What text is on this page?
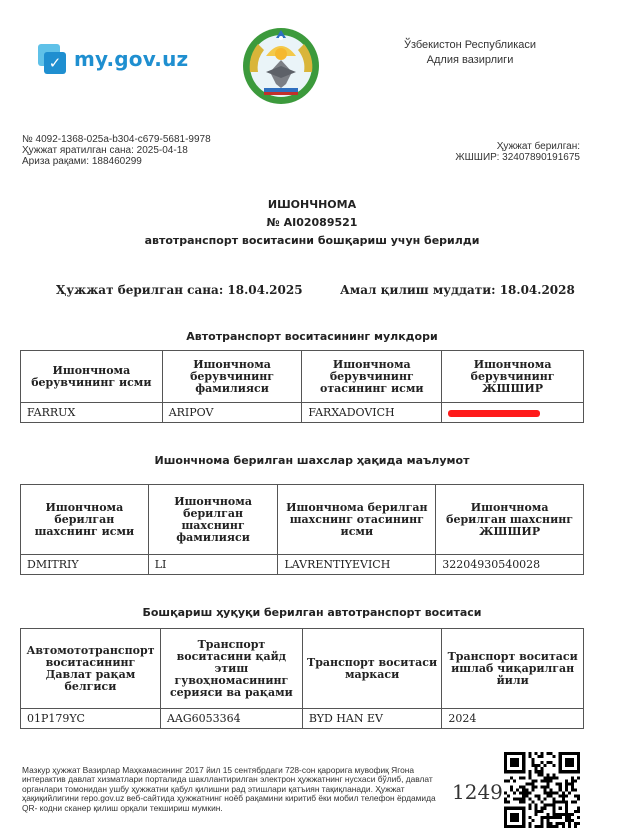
✓ my.gov.uz
Ўзбекистон Республикаси
Адлия вазирлиги
№ 4092-1368-025a-b304-c679-5681-9978
Ҳужжат яратилган сана: 2025-04-18
Ариза рақами: 188460299
Ҳужжат берилган:
ЖШШИР: 32407890191675
ИШОНЧНОМА
№ AI02089521
автотранспорт воситасини бошқариш учун берилди
Ҳужжат берилган сана: 18.04.2025	Амал қилиш муддати: 18.04.2028
Автотранспорт воситасининг мулкдори
Ишончнома берувчининг исми	Ишончнома берувчининг фамилияси	Ишончнома берувчининг отасининг исми	Ишончнома берувчининг ЖШШИР
FARRUX	ARIPOV	FARXADOVICH	
Ишончнома берилган шахслар ҳақида маълумот
Ишончнома берилган шахснинг исми	Ишончнома берилган шахснинг фамилияси	Ишончнома берилган шахснинг отасининг исми	Ишончнома берилган шахснинг ЖШШИР
DMITRIY	LI	LAVRENTIYEVICH	32204930540028
Бошқариш ҳуқуқи берилган автотранспорт воситаси
Автомототранспорт воситасининг Давлат рақам белгиси	Транспорт воситасини қайд этиш гувоҳномасининг серияси ва рақами	Транспорт воситаси маркаси	Транспорт воситаси ишлаб чиқарилган йили
01P179YC	AAG6053364	BYD HAN EV	2024
Мазкур ҳужжат Вазирлар Маҳкамасининг 2017 йил 15 сентябрдаги 728-сон қарорига мувофиқ Ягона интерактив давлат хизматлари порталида шакллантирилган электрон ҳужжатнинг нусхаси бўлиб, давлат органлари томонидан ушбу ҳужжатни қабул қилишни рад этишлари қатъиян тақиқланади. Ҳужжат ҳақиқийлигини repo.gov.uz веб-сайтида ҳужжатнинг ноёб рақамини киритиб ёки мобил телефон ёрдамида QR- кодни сканер қилиш орқали текшириш мумкин.
1249
